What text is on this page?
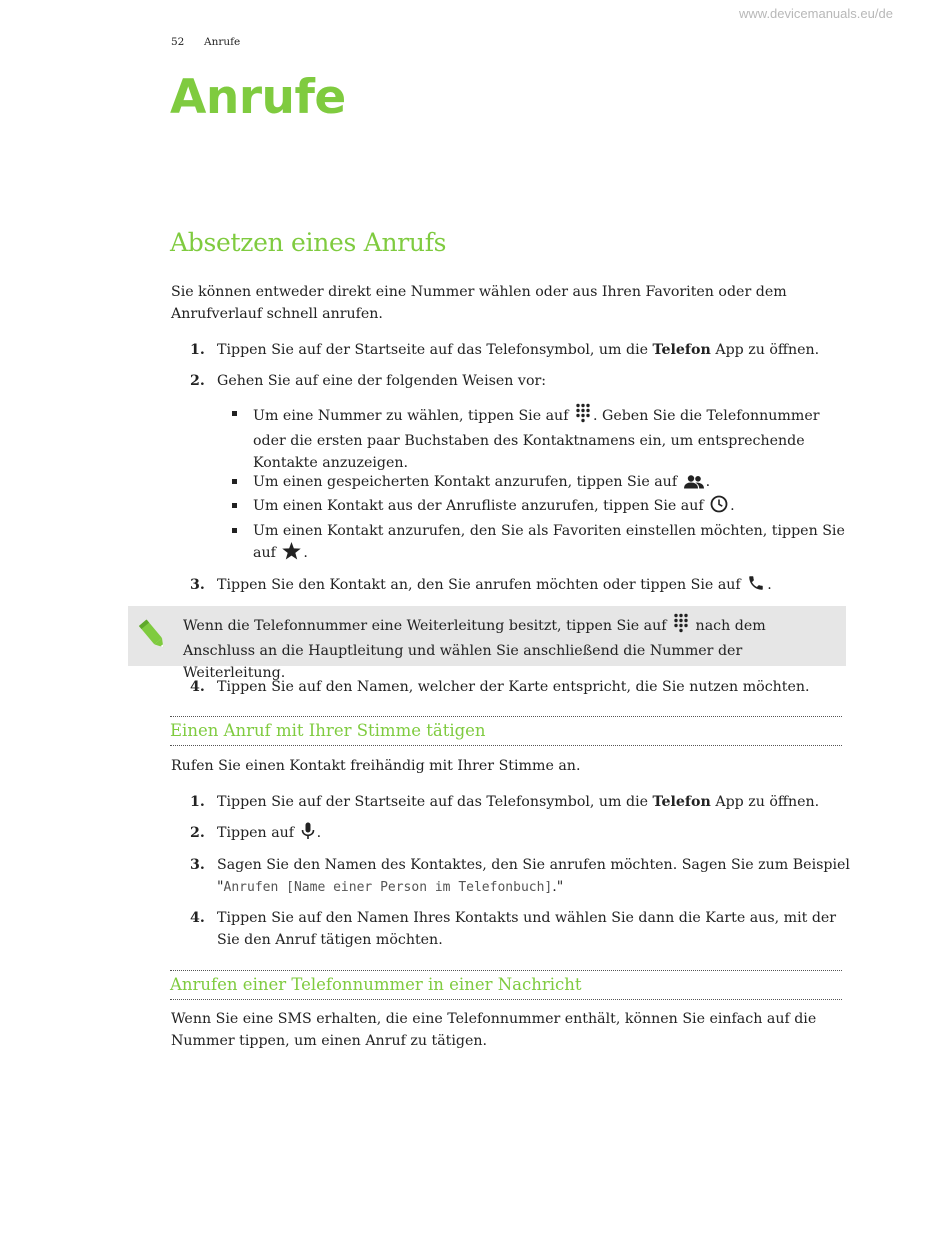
www.devicemanuals.eu/de
52 Anrufe
Anrufe
Absetzen eines Anrufs

Sie können entweder direkt eine Nummer wählen oder aus Ihren Favoriten oder dem Anrufverlauf schnell anrufen.

1. Tippen Sie auf der Startseite auf das Telefonsymbol, um die Telefon App zu öffnen.
2. Gehen Sie auf eine der folgenden Weisen vor:
Um eine Nummer zu wählen, tippen Sie auf . Geben Sie die Telefonnummer oder die ersten paar Buchstaben des Kontaktnamens ein, um entsprechende Kontakte anzuzeigen.
Um einen gespeicherten Kontakt anzurufen, tippen Sie auf .
Um einen Kontakt aus der Anrufliste anzurufen, tippen Sie auf .
Um einen Kontakt anzurufen, den Sie als Favoriten einstellen möchten, tippen Sie auf .
3. Tippen Sie den Kontakt an, den Sie anrufen möchten oder tippen Sie auf .
Wenn die Telefonnummer eine Weiterleitung besitzt, tippen Sie auf  nach dem Anschluss an die Hauptleitung und wählen Sie anschließend die Nummer der Weiterleitung.
4. Tippen Sie auf den Namen, welcher der Karte entspricht, die Sie nutzen möchten.
Einen Anruf mit Ihrer Stimme tätigen

Rufen Sie einen Kontakt freihändig mit Ihrer Stimme an.

1. Tippen Sie auf der Startseite auf das Telefonsymbol, um die Telefon App zu öffnen.
2. Tippen auf .
3. Sagen Sie den Namen des Kontaktes, den Sie anrufen möchten. Sagen Sie zum Beispiel
"Anrufen [Name einer Person im Telefonbuch]."
4. Tippen Sie auf den Namen Ihres Kontakts und wählen Sie dann die Karte aus, mit der Sie den Anruf tätigen möchten.
Anrufen einer Telefonnummer in einer Nachricht

Wenn Sie eine SMS erhalten, die eine Telefonnummer enthält, können Sie einfach auf die Nummer tippen, um einen Anruf zu tätigen.
